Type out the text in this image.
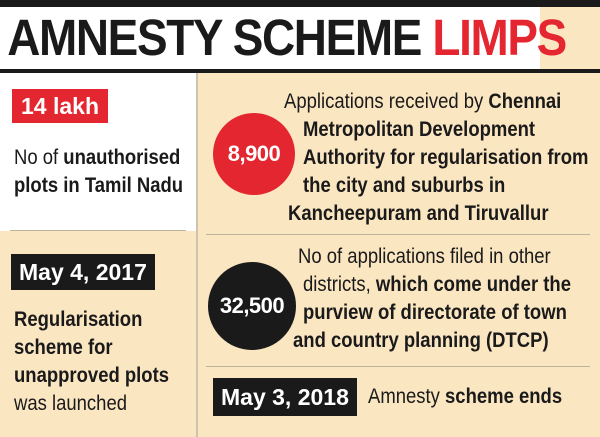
AMNESTY SCHEME LIMPS
14 lakh
No of unauthorised
plots in Tamil Nadu
May 4, 2017
Regularisation
scheme for
unapproved plots
was launched
8,900
Applications received by Chennai
Metropolitan Development
Authority for regularisation from
the city and suburbs in
Kancheepuram and Tiruvallur
32,500
No of applications filed in other
districts, which come under the
purview of directorate of town
and country planning (DTCP)
May 3, 2018 Amnesty scheme ends
